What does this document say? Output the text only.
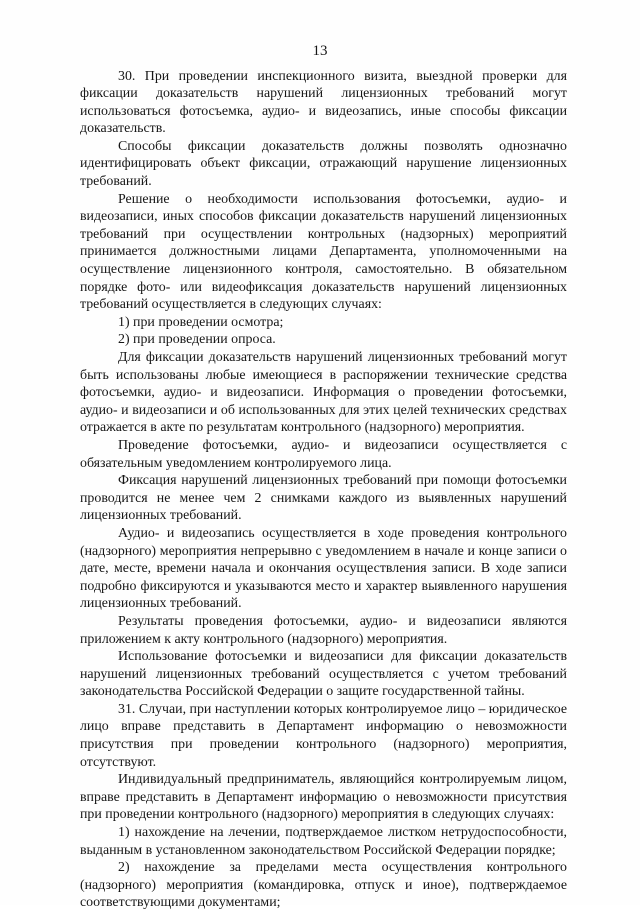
13

30. При проведении инспекционного визита, выездной проверки для фиксации доказательств нарушений лицензионных требований могут использоваться фотосъемка, аудио- и видеозапись, иные способы фиксации доказательств.

Способы фиксации доказательств должны позволять однозначно идентифицировать объект фиксации, отражающий нарушение лицензионных требований.

Решение о необходимости использования фотосъемки, аудио- и видеозаписи, иных способов фиксации доказательств нарушений лицензионных требований при осуществлении контрольных (надзорных) мероприятий принимается должностными лицами Департамента, уполномоченными на осуществление лицензионного контроля, самостоятельно. В обязательном порядке фото- или видеофиксация доказательств нарушений лицензионных требований осуществляется в следующих случаях:

1) при проведении осмотра;

2) при проведении опроса.

Для фиксации доказательств нарушений лицензионных требований могут быть использованы любые имеющиеся в распоряжении технические средства фотосъемки, аудио- и видеозаписи. Информация о проведении фотосъемки, аудио- и видеозаписи и об использованных для этих целей технических средствах отражается в акте по результатам контрольного (надзорного) мероприятия.

Проведение фотосъемки, аудио- и видеозаписи осуществляется с обязательным уведомлением контролируемого лица.

Фиксация нарушений лицензионных требований при помощи фотосъемки проводится не менее чем 2 снимками каждого из выявленных нарушений лицензионных требований.

Аудио- и видеозапись осуществляется в ходе проведения контрольного (надзорного) мероприятия непрерывно с уведомлением в начале и конце записи о дате, месте, времени начала и окончания осуществления записи. В ходе записи подробно фиксируются и указываются место и характер выявленного нарушения лицензионных требований.

Результаты проведения фотосъемки, аудио- и видеозаписи являются приложением к акту контрольного (надзорного) мероприятия.

Использование фотосъемки и видеозаписи для фиксации доказательств нарушений лицензионных требований осуществляется с учетом требований законодательства Российской Федерации о защите государственной тайны.

31. Случаи, при наступлении которых контролируемое лицо – юридическое лицо вправе представить в Департамент информацию о невозможности присутствия при проведении контрольного (надзорного) мероприятия, отсутствуют.

Индивидуальный предприниматель, являющийся контролируемым лицом, вправе представить в Департамент информацию о невозможности присутствия при проведении контрольного (надзорного) мероприятия в следующих случаях:

1) нахождение на лечении, подтверждаемое листком нетрудоспособности, выданным в установленном законодательством Российской Федерации порядке;

2) нахождение за пределами места осуществления контрольного (надзорного) мероприятия (командировка, отпуск и иное), подтверждаемое соответствующими документами;
